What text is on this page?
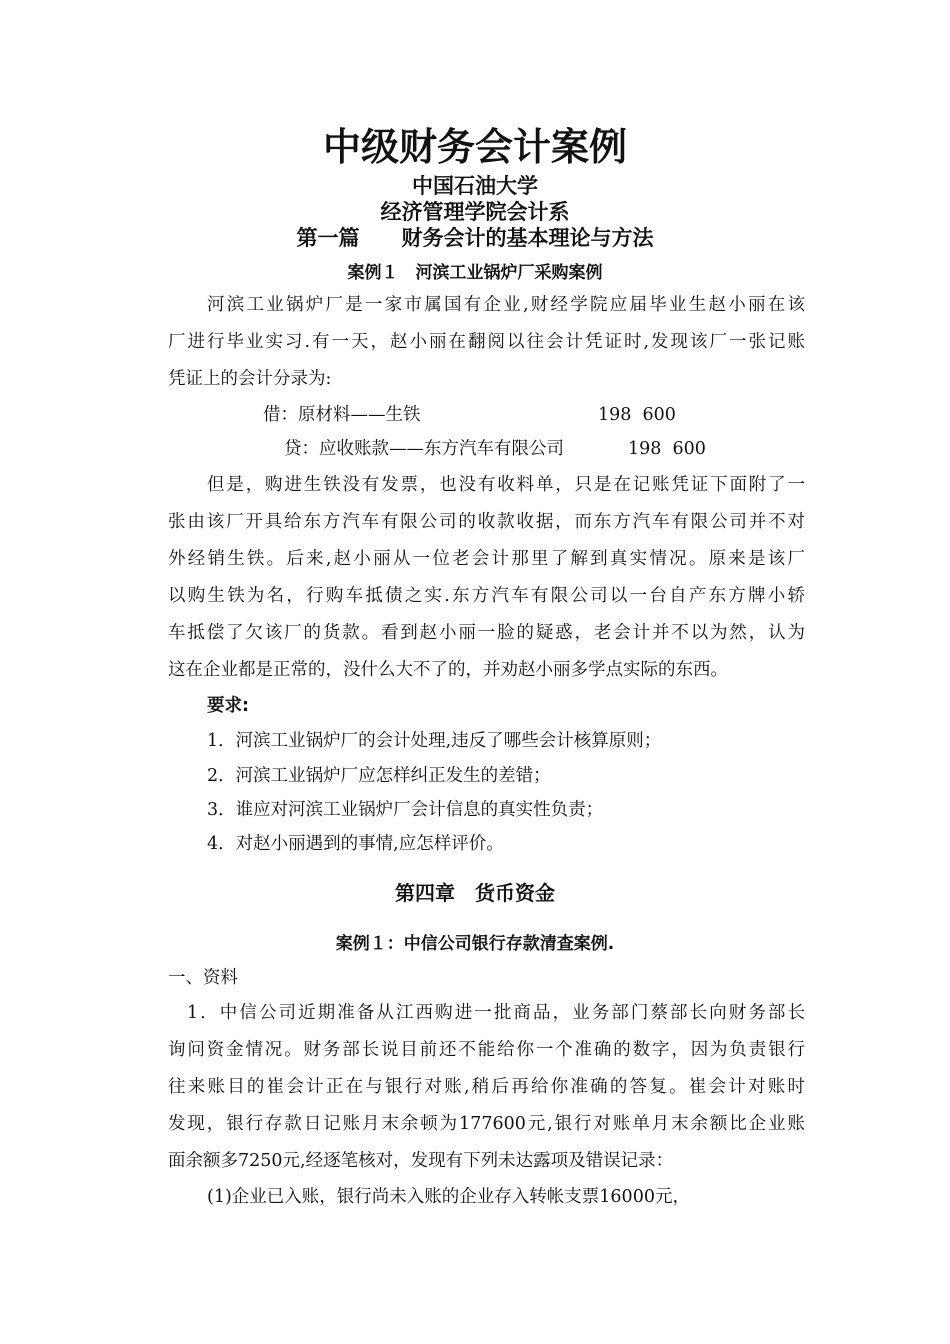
中级财务会计案例
中国石油大学
经济管理学院会计系
第一篇　　财务会计的基本理论与方法
案例１　河滨工业锅炉厂采购案例
河滨工业锅炉厂是一家市属国有企业,财经学院应届毕业生赵小丽在该
厂进行毕业实习.有一天，赵小丽在翻阅以往会计凭证时,发现该厂一张记账
凭证上的会计分录为:
借：原材料——生铁	198  600
贷：应收账款——东方汽车有限公司	198  600
但是，购进生铁没有发票，也没有收料单，只是在记账凭证下面附了一
张由该厂开具给东方汽车有限公司的收款收据，而东方汽车有限公司并不对
外经销生铁。后来,赵小丽从一位老会计那里了解到真实情况。原来是该厂
以购生铁为名，行购车抵债之实.东方汽车有限公司以一台自产东方牌小轿
车抵偿了欠该厂的货款。看到赵小丽一脸的疑惑，老会计并不以为然，认为
这在企业都是正常的，没什么大不了的，并劝赵小丽多学点实际的东西。
要求:
1．河滨工业锅炉厂的会计处理,违反了哪些会计核算原则；
2．河滨工业锅炉厂应怎样纠正发生的差错；
3．谁应对河滨工业锅炉厂会计信息的真实性负责；
4．对赵小丽遇到的事情,应怎样评价。
第四章　货币资金
案例１：中信公司银行存款清查案例.
一、资料
1．中信公司近期准备从江西购进一批商品，业务部门蔡部长向财务部长
询问资金情况。财务部长说目前还不能给你一个准确的数字，因为负责银行
往来账目的崔会计正在与银行对账,稍后再给你准确的答复。崔会计对账时
发现，银行存款日记账月末余顿为177600元,银行对账单月末余额比企业账
面余额多7250元,经逐笔核对，发现有下列未达露项及错误记录：
(1)企业已入账，银行尚未入账的企业存入转帐支票16000元，
